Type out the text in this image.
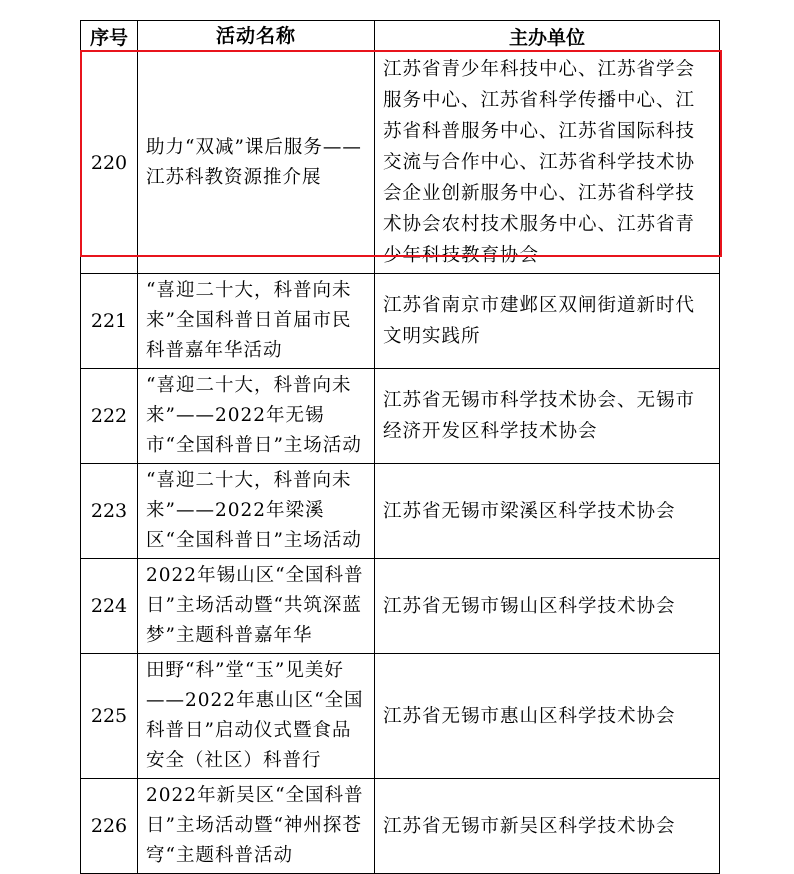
序号	活动名称	主办单位
220	助力“双减”课后服务——江苏科教资源推介展	江苏省青少年科技中心、江苏省学会服务中心、江苏省科学传播中心、江苏省科普服务中心、江苏省国际科技交流与合作中心、江苏省科学技术协会企业创新服务中心、江苏省科学技术协会农村技术服务中心、江苏省青少年科技教育协会
221	“喜迎二十大，科普向未来”全国科普日首届市民科普嘉年华活动	江苏省南京市建邺区双闸街道新时代文明实践所
222	“喜迎二十大，科普向未来”——2022年无锡市“全国科普日”主场活动	江苏省无锡市科学技术协会、无锡市经济开发区科学技术协会
223	“喜迎二十大，科普向未来”——2022年梁溪区“全国科普日”主场活动	江苏省无锡市梁溪区科学技术协会
224	2022年锡山区“全国科普日”主场活动暨“共筑深蓝梦”主题科普嘉年华	江苏省无锡市锡山区科学技术协会
225	田野“科”堂“玉”见美好——2022年惠山区“全国科普日”启动仪式暨食品安全（社区）科普行	江苏省无锡市惠山区科学技术协会
226	2022年新吴区“全国科普日”主场活动暨“神州探苍穹“主题科普活动	江苏省无锡市新吴区科学技术协会
